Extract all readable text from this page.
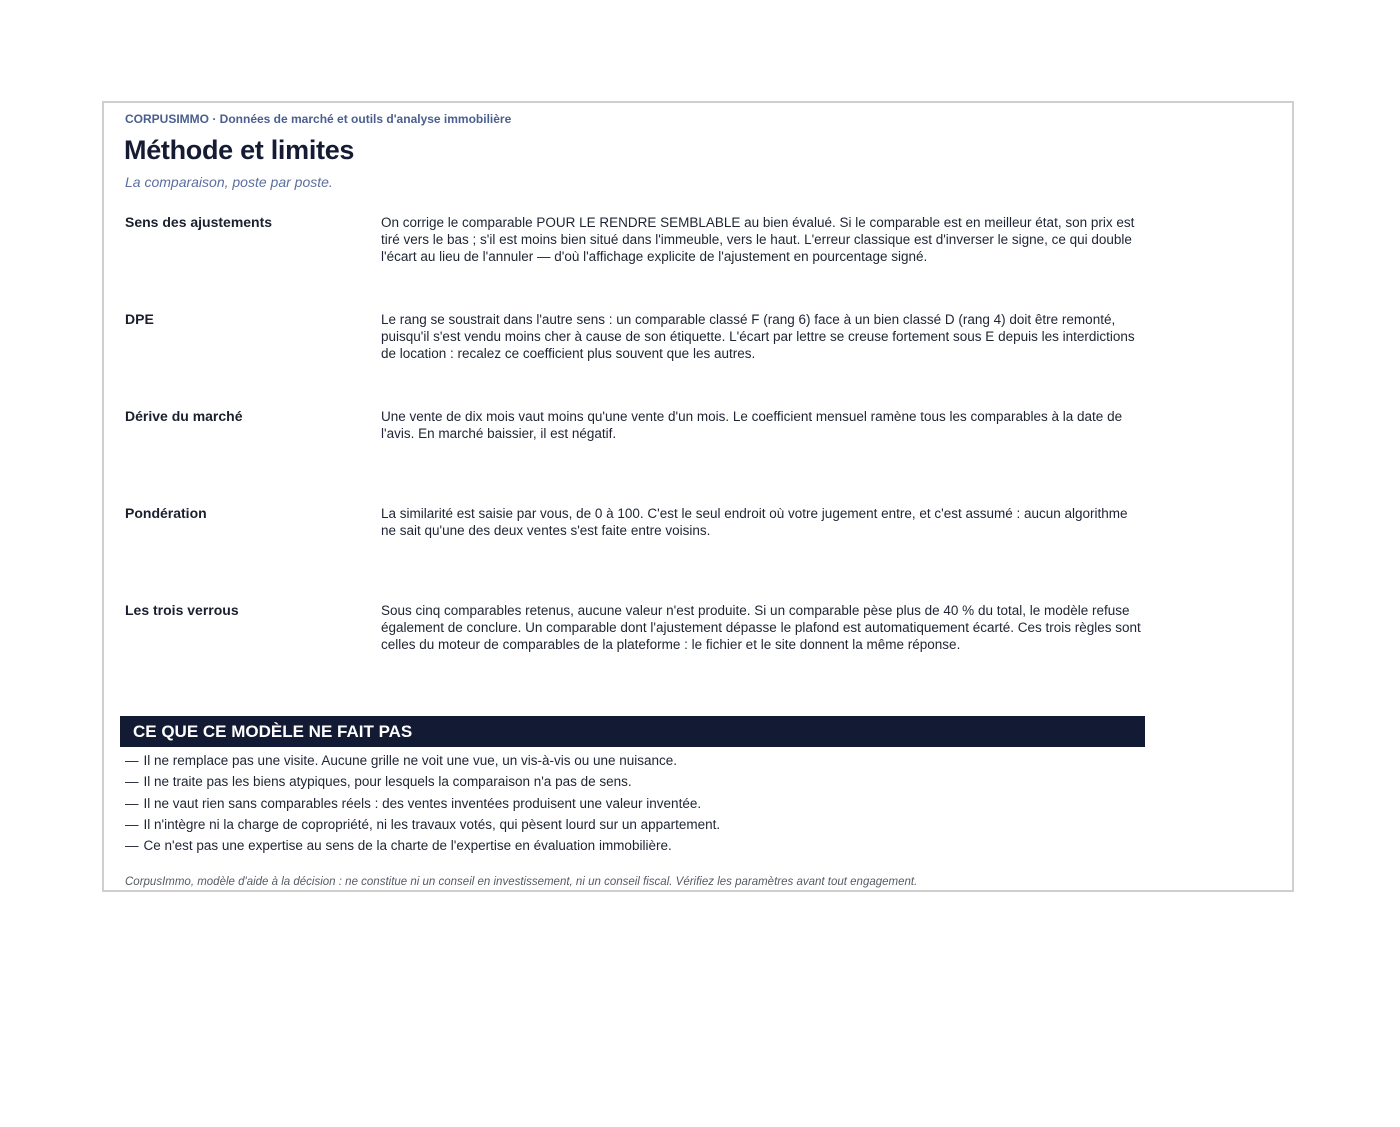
CORPUSIMMO · Données de marché et outils d'analyse immobilière
Méthode et limites
La comparaison, poste par poste.
Sens des ajustements	On corrige le comparable POUR LE RENDRE SEMBLABLE au bien évalué. Si le comparable est en meilleur état, son prix est tiré vers le bas ; s'il est moins bien situé dans l'immeuble, vers le haut. L'erreur classique est d'inverser le signe, ce qui double l'écart au lieu de l'annuler — d'où l'affichage explicite de l'ajustement en pourcentage signé.
DPE	Le rang se soustrait dans l'autre sens : un comparable classé F (rang 6) face à un bien classé D (rang 4) doit être remonté, puisqu'il s'est vendu moins cher à cause de son étiquette. L'écart par lettre se creuse fortement sous E depuis les interdictions de location : recalez ce coefficient plus souvent que les autres.
Dérive du marché	Une vente de dix mois vaut moins qu'une vente d'un mois. Le coefficient mensuel ramène tous les comparables à la date de l'avis. En marché baissier, il est négatif.
Pondération	La similarité est saisie par vous, de 0 à 100. C'est le seul endroit où votre jugement entre, et c'est assumé : aucun algorithme ne sait qu'une des deux ventes s'est faite entre voisins.
Les trois verrous	Sous cinq comparables retenus, aucune valeur n'est produite. Si un comparable pèse plus de 40 % du total, le modèle refuse également de conclure. Un comparable dont l'ajustement dépasse le plafond est automatiquement écarté. Ces trois règles sont celles du moteur de comparables de la plateforme : le fichier et le site donnent la même réponse.
CE QUE CE MODÈLE NE FAIT PAS
— Il ne remplace pas une visite. Aucune grille ne voit une vue, un vis-à-vis ou une nuisance.
— Il ne traite pas les biens atypiques, pour lesquels la comparaison n'a pas de sens.
— Il ne vaut rien sans comparables réels : des ventes inventées produisent une valeur inventée.
— Il n'intègre ni la charge de copropriété, ni les travaux votés, qui pèsent lourd sur un appartement.
— Ce n'est pas une expertise au sens de la charte de l'expertise en évaluation immobilière.
CorpusImmo, modèle d'aide à la décision : ne constitue ni un conseil en investissement, ni un conseil fiscal. Vérifiez les paramètres avant tout engagement.
